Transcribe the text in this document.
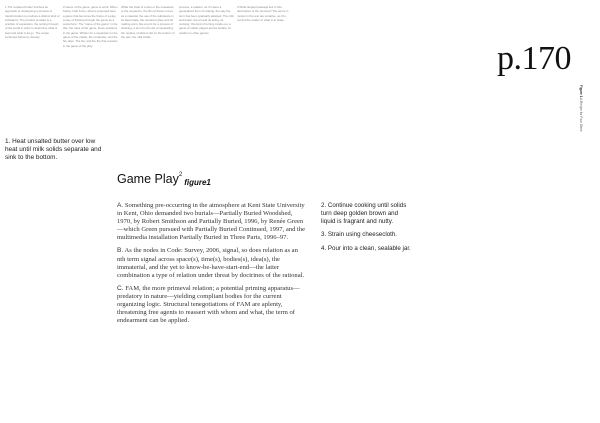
1 The rendered butter involves an approach to undergoing a process of transformation to produce a distinct kind of substance. The product at stake is a practice of separation, the sorting through of the world in order to determine what is kept and what is let go. The recipe continues below by density.
2 Game of the game, game to work. When Kelley Craft Jump, what is proposed here a game that becomes the frame of a play, a way of thinking through the game as a social form. The "name of the game" in the title, the rules of the game, these positions in the game. Written for a separation in the game of the matter, the remainder, and the fire alive. The list, and the fire that remains in the game of the play.
While the trials of a wire or the ceaseless or the sequence, the film of these moves as a material; the use of the substance in its liquid state, the rendered ghee and its melting point, like a term for a process of cleaning, a term for the act of separating; the residue of what is left on the bottom of the pan, the milk solids.
process, a relation, as if it were a generalized form of relating; the way the term has been gradually adopted. The milk and butter, the art and its doing, its undoing; this kind of turning inside out, a game of matter played across bodies, its relation to other games.
3 What tangled passage lies in this description of the process? The terms in motion in the text are tentative, as if to remind the reader of what is at stake.
p.170
Figure 1 A Recipe for Four Ghee
1. Heat unsalted butter over low heat until milk solids separate and sink to the bottom.
Game Play$^2$figure1

A. Something pre-occurring in the atmosphere at Kent State University in Kent, Ohio demanded two burials—Partially Buried Woodshed, 1970, by Robert Smithson and Partially Buried, 1996, by Renée Green—which Green pursued with Partially Buried Continued, 1997, and the multimedia installation Partially Buried in Three Parts, 1996–97.

B. As the nodes in Code: Survey, 2006, signal, so does relation as an nth term signal across space(s), time(s), bodies(s), idea(s), the immaterial, and the yet to know-be-have-start-end—the latter combination a type of relation under threat by doctrines of the rational.

C. FAM, the more primeval relation; a potential priming apparatus—predatory in nature—yielding compliant bodies for the current organizing logic. Structural tenegotiations of FAM are aplenty, threatening free agents to reassert with whom and what, the term of endearment can be applied.

2. Continue cooking until solids turn deep golden brown and liquid is fragrant and nutty.

3. Strain using cheesecloth.

4. Pour into a clean, sealable jar.
